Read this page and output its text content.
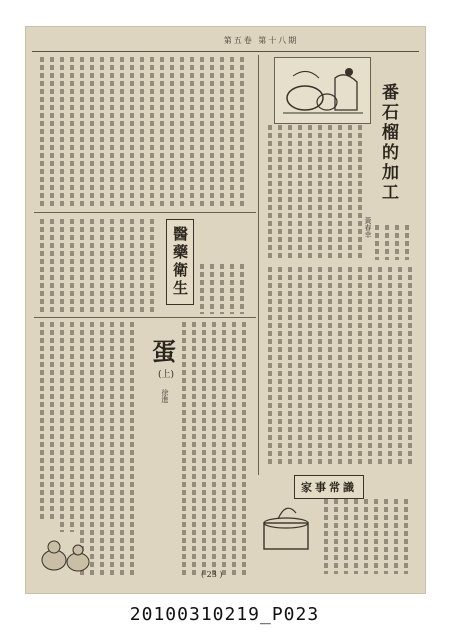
第五卷 第十八期
番石榴的加工
黃春幸
醫藥衛生
蛋
(上)
徐進
家事常識
( 23 )
20100310219_P023
